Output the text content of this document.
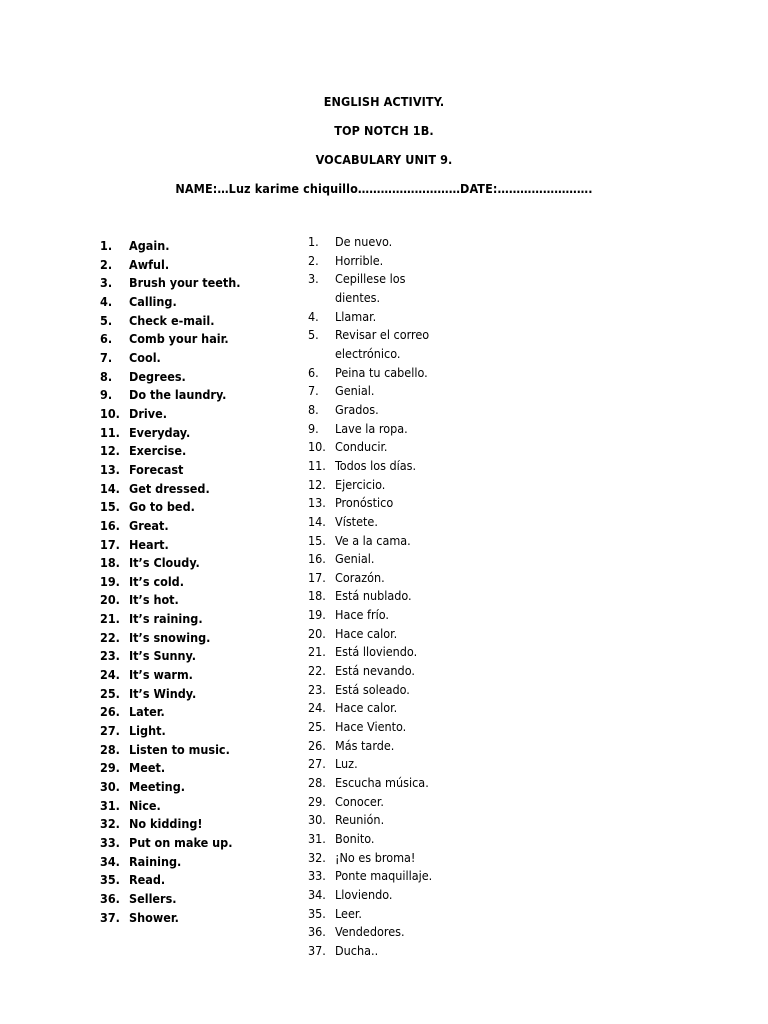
ENGLISH ACTIVITY.
TOP NOTCH 1B.
VOCABULARY UNIT 9.
NAME:…Luz karime chiquillo………………………DATE:…………………….
1.	Again.
2.	Awful.
3.	Brush your teeth.
4.	Calling.
5.	Check e-mail.
6.	Comb your hair.
7.	Cool.
8.	Degrees.
9.	Do the laundry.
10. Drive.
11. Everyday.
12. Exercise.
13. Forecast
14. Get dressed.
15. Go to bed.
16. Great.
17. Heart.
18. It’s Cloudy.
19. It’s cold.
20. It’s hot.
21. It’s raining.
22. It’s snowing.
23. It’s Sunny.
24. It’s warm.
25. It’s Windy.
26. Later.
27. Light.
28. Listen to music.
29. Meet.
30. Meeting.
31. Nice.
32. No kidding!
33. Put on make up.
34. Raining.
35. Read.
36. Sellers.
37. Shower.
1.	De nuevo.
2.	Horrible.
3.	Cepillese los dientes.
4.	Llamar.
5.	Revisar el correo electrónico.
6.	Peina tu cabello.
7.	Genial.
8.	Grados.
9.	Lave la ropa.
10. Conducir.
11. Todos los días.
12. Ejercicio.
13. Pronóstico
14. Vístete.
15. Ve a la cama.
16. Genial.
17. Corazón.
18. Está nublado.
19. Hace frío.
20. Hace calor.
21. Está lloviendo.
22. Está nevando.
23. Está soleado.
24. Hace calor.
25. Hace Viento.
26. Más tarde.
27. Luz.
28. Escucha música.
29. Conocer.
30. Reunión.
31. Bonito.
32. ¡No es broma!
33. Ponte maquillaje.
34. Lloviendo.
35. Leer.
36. Vendedores.
37. Ducha..
